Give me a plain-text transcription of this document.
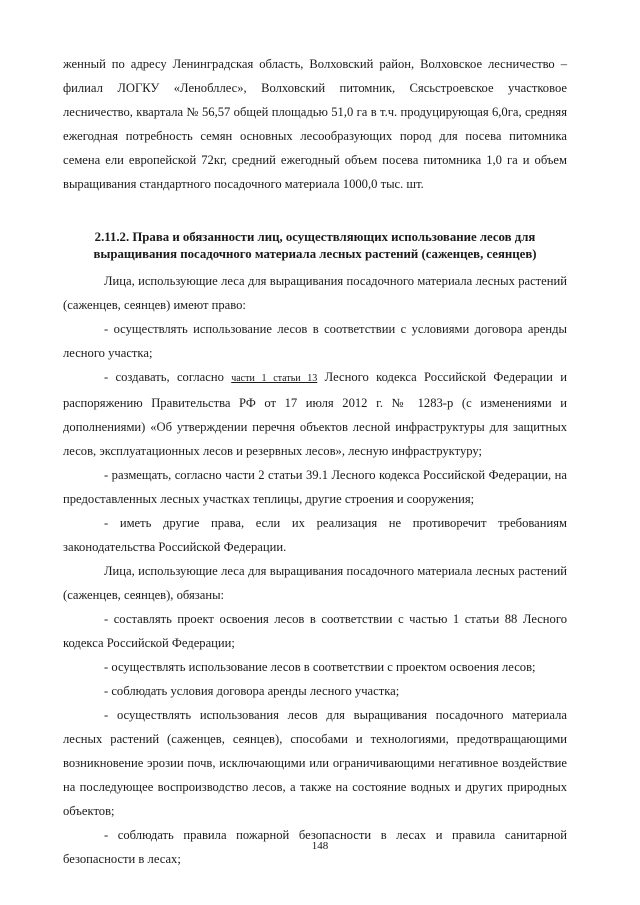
женный по адресу Ленинградская область, Волховский район, Волховское лесничество – филиал ЛОГКУ «Ленобллес», Волховский питомник, Сясьстроевское участковое лесничество, квартала № 56,57 общей площадью 51,0 га в т.ч. продуцирующая 6,0га, средняя ежегодная потребность семян основных лесообразующих пород для посева питомника семена ели европейской 72кг, средний ежегодный объем посева питомника 1,0 га и объем выращивания стандартного посадочного материала 1000,0 тыс. шт.

2.11.2. Права и обязанности лиц, осуществляющих использование лесов для выращивания посадочного материала лесных растений (саженцев, сеянцев)

Лица, использующие леса для выращивания посадочного материала лесных растений (саженцев, сеянцев) имеют право:

- осуществлять использование лесов в соответствии с условиями договора аренды лесного участка;

- создавать, согласно части 1 статьи 13 Лесного кодекса Российской Федерации и распоряжению Правительства РФ от 17 июля 2012 г. № 1283-р (с изменениями и дополнениями) «Об утверждении перечня объектов лесной инфраструктуры для защитных лесов, эксплуатационных лесов и резервных лесов», лесную инфраструктуру;

- размещать, согласно части 2 статьи 39.1 Лесного кодекса Российской Федерации, на предоставленных лесных участках теплицы, другие строения и сооружения;

- иметь другие права, если их реализация не противоречит требованиям законодательства Российской Федерации.

Лица, использующие леса для выращивания посадочного материала лесных растений (саженцев, сеянцев), обязаны:

- составлять проект освоения лесов в соответствии с частью 1 статьи 88 Лесного кодекса Российской Федерации;

- осуществлять использование лесов в соответствии с проектом освоения лесов;

- соблюдать условия договора аренды лесного участка;

- осуществлять использования лесов для выращивания посадочного материала лесных растений (саженцев, сеянцев), способами и технологиями, предотвращающими возникновение эрозии почв, исключающими или ограничивающими негативное воздействие на последующее воспроизводство лесов, а также на состояние водных и других природных объектов;

- соблюдать правила пожарной безопасности в лесах и правила санитарной безопасности в лесах;

148
